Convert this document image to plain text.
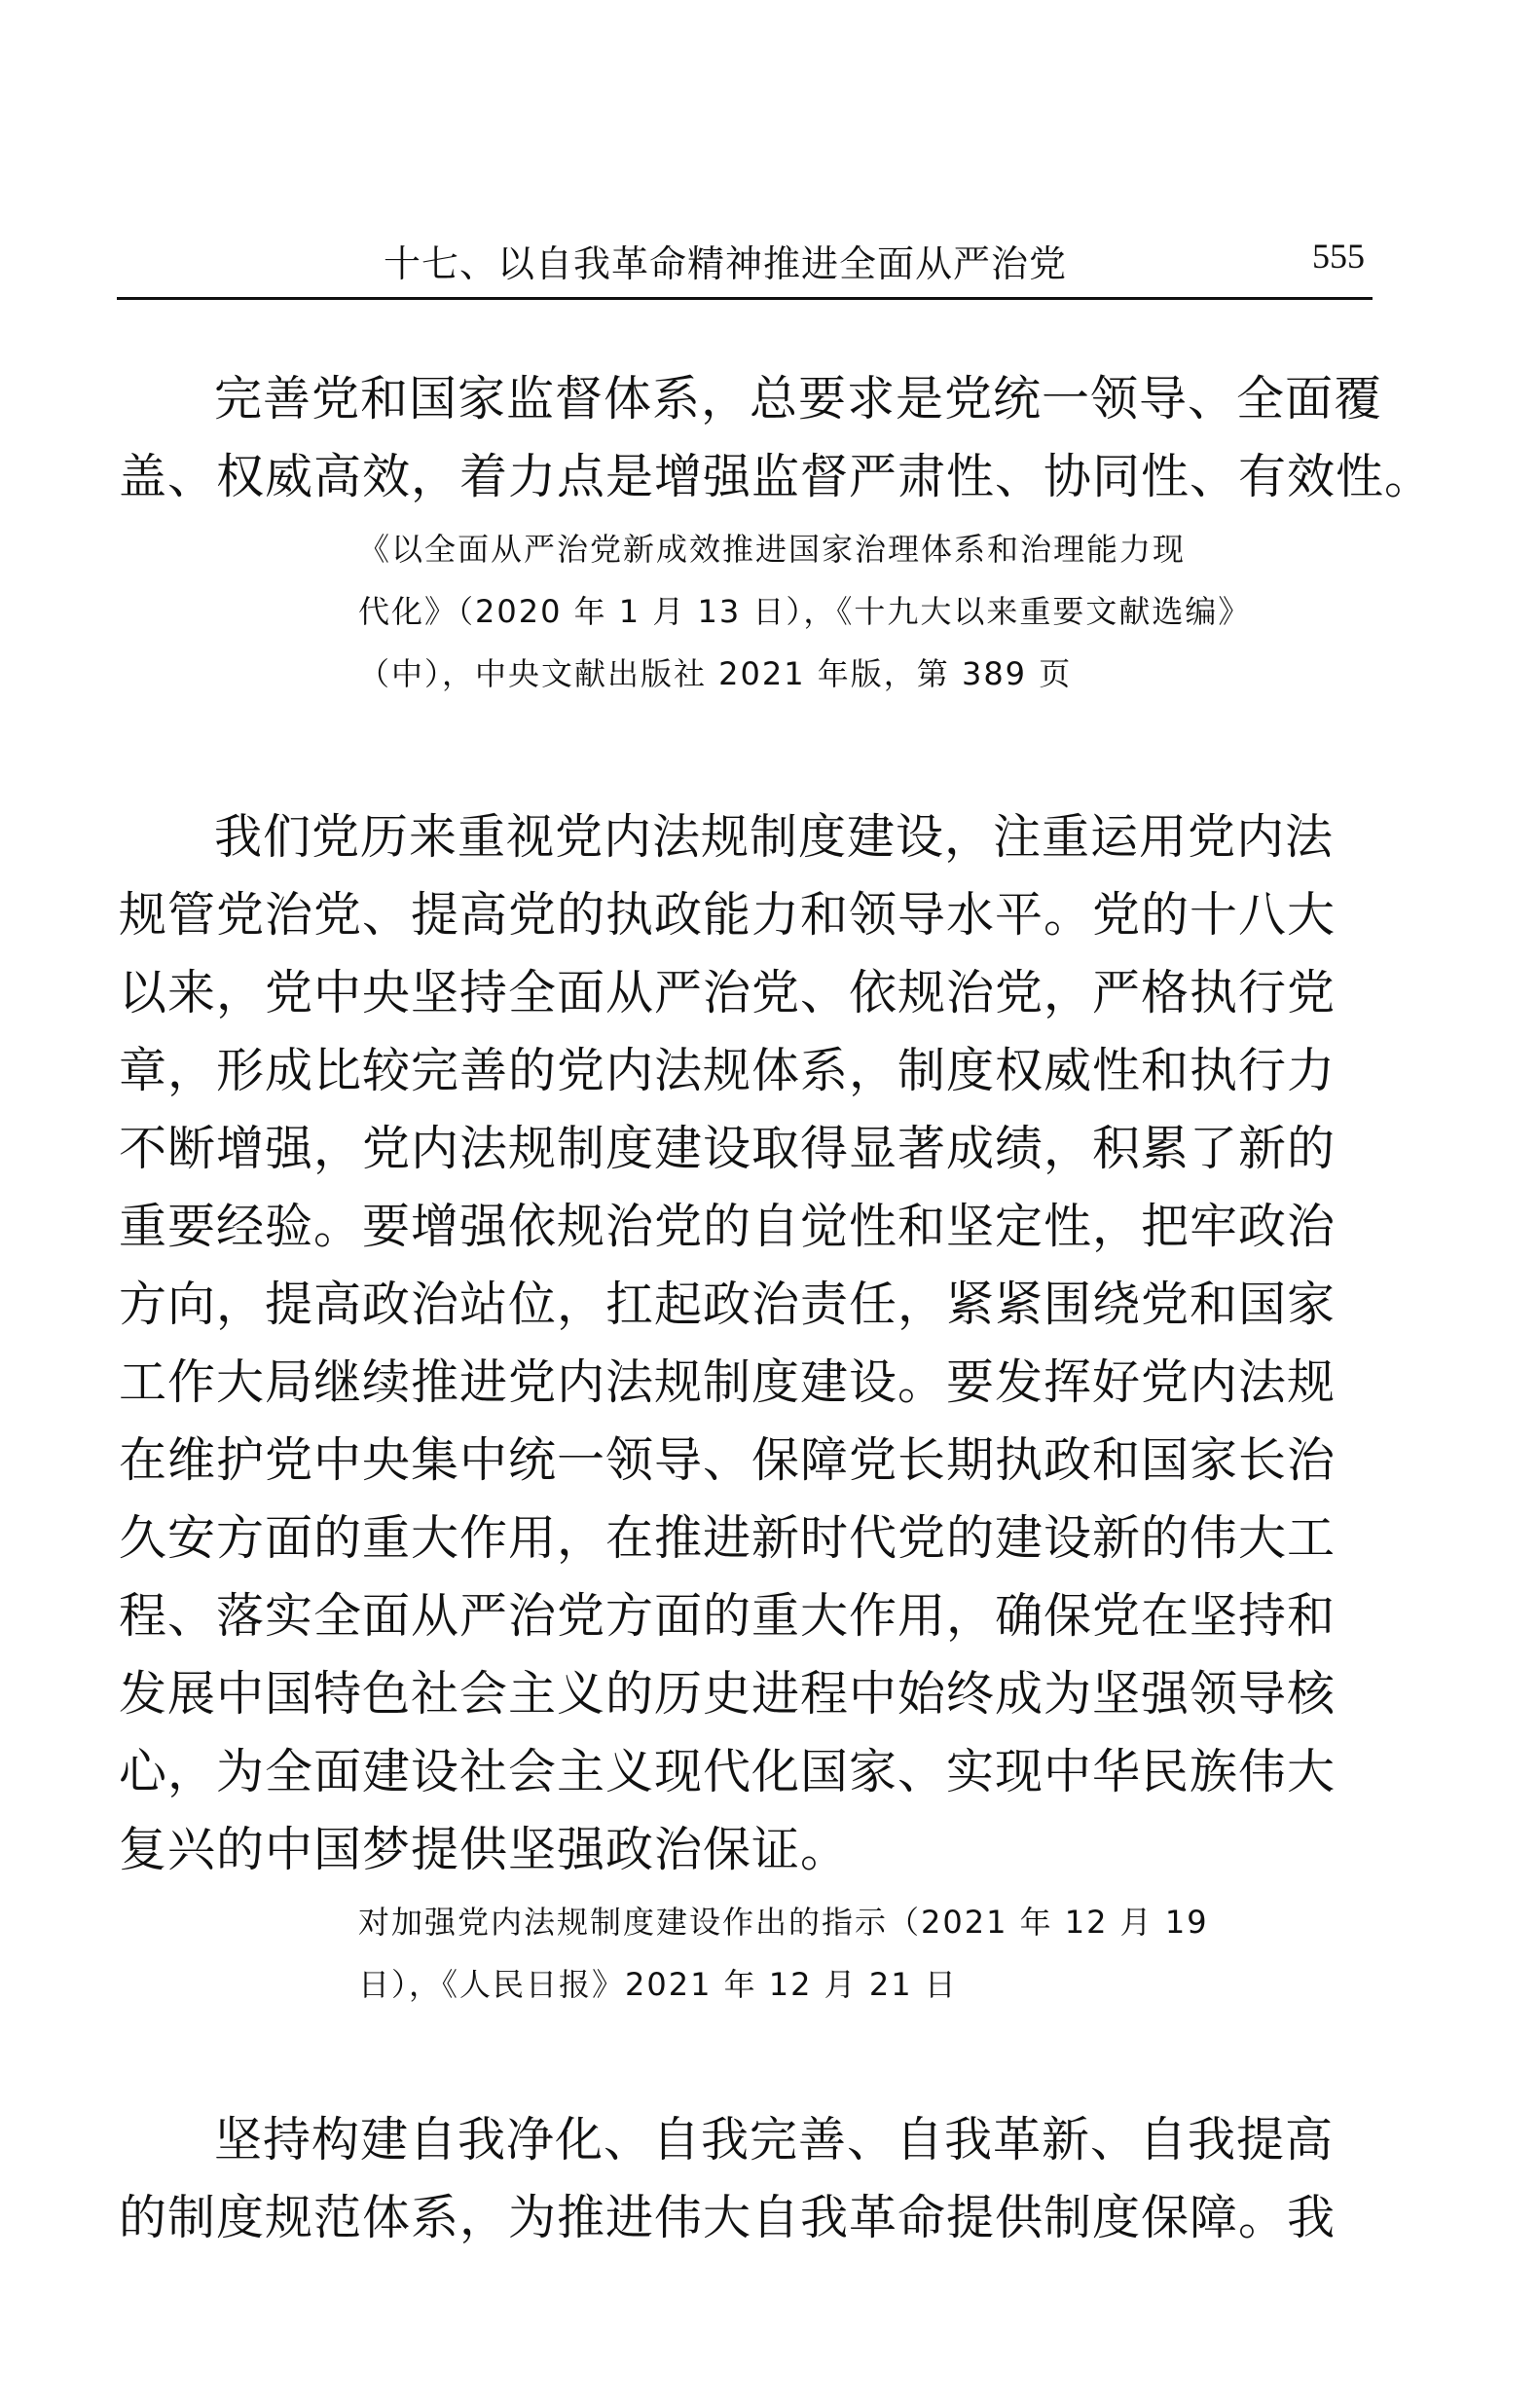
十七、以自我革命精神推进全面从严治党	555
完善党和国家监督体系，总要求是党统一领导、全面覆
盖、权威高效，着力点是增强监督严肃性、协同性、有效性。
《以全面从严治党新成效推进国家治理体系和治理能力现
代化》（2020 年 1 月 13 日），《十九大以来重要文献选编》
（中），中央文献出版社 2021 年版，第 389 页
我们党历来重视党内法规制度建设，注重运用党内法
规管党治党、提高党的执政能力和领导水平。党的十八大
以来，党中央坚持全面从严治党、依规治党，严格执行党
章，形成比较完善的党内法规体系，制度权威性和执行力
不断增强，党内法规制度建设取得显著成绩，积累了新的
重要经验。要增强依规治党的自觉性和坚定性，把牢政治
方向，提高政治站位，扛起政治责任，紧紧围绕党和国家
工作大局继续推进党内法规制度建设。要发挥好党内法规
在维护党中央集中统一领导、保障党长期执政和国家长治
久安方面的重大作用，在推进新时代党的建设新的伟大工
程、落实全面从严治党方面的重大作用，确保党在坚持和
发展中国特色社会主义的历史进程中始终成为坚强领导核
心，为全面建设社会主义现代化国家、实现中华民族伟大
复兴的中国梦提供坚强政治保证。
对加强党内法规制度建设作出的指示（2021 年 12 月 19
日），《人民日报》2021 年 12 月 21 日
坚持构建自我净化、自我完善、自我革新、自我提高
的制度规范体系，为推进伟大自我革命提供制度保障。我
